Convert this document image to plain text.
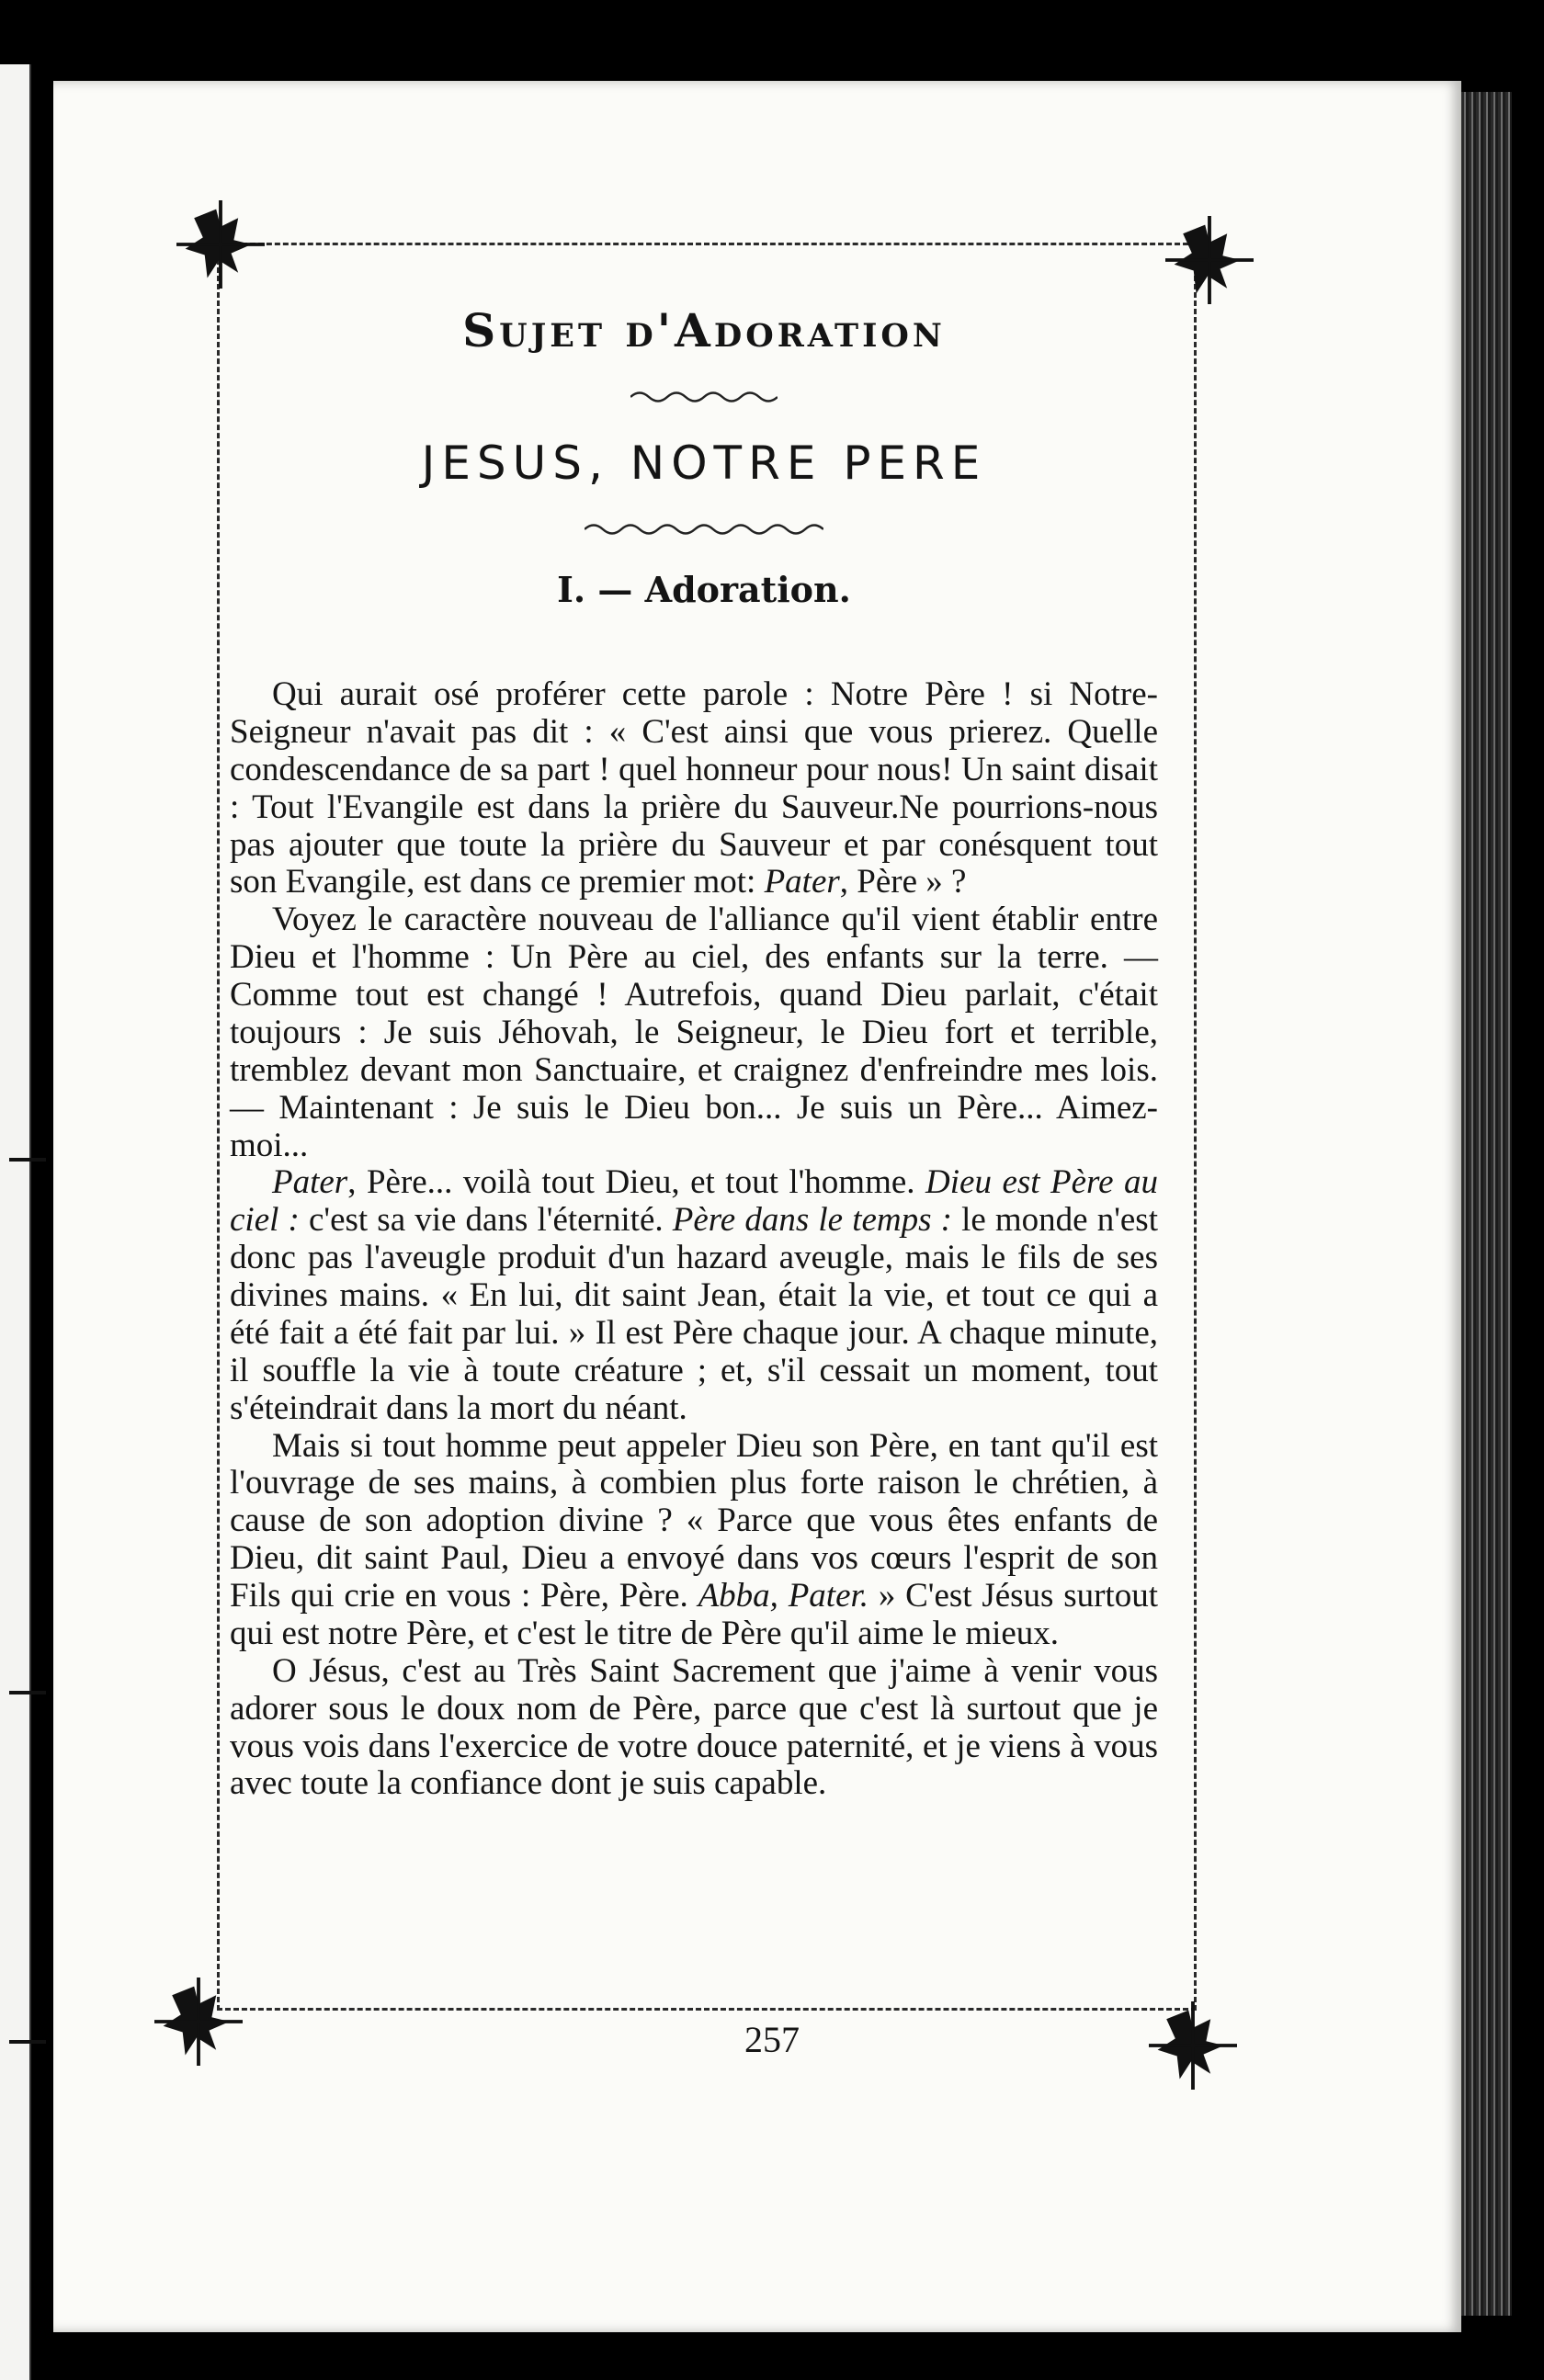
Sujet d'Adoration
JESUS, NOTRE PERE
I. — Adoration.

Qui aurait osé proférer cette parole : Notre Père ! si Notre-Seigneur n'avait pas dit : « C'est ainsi que vous prierez. Quelle condescendance de sa part ! quel honneur pour nous! Un saint disait : Tout l'Evangile est dans la prière du Sauveur.Ne pourrions-nous pas ajouter que toute la prière du Sauveur et par conésquent tout son Evangile, est dans ce premier mot: Pater, Père » ?

Voyez le caractère nouveau de l'alliance qu'il vient établir entre Dieu et l'homme : Un Père au ciel, des enfants sur la terre. — Comme tout est changé ! Autrefois, quand Dieu parlait, c'était toujours : Je suis Jéhovah, le Seigneur, le Dieu fort et terrible, tremblez devant mon Sanctuaire, et craignez d'enfreindre mes lois. — Maintenant : Je suis le Dieu bon... Je suis un Père... Aimez-moi...

Pater, Père... voilà tout Dieu, et tout l'homme. Dieu est Père au ciel : c'est sa vie dans l'éternité. Père dans le temps : le monde n'est donc pas l'aveugle produit d'un hazard aveugle, mais le fils de ses divines mains. « En lui, dit saint Jean, était la vie, et tout ce qui a été fait a été fait par lui. » Il est Père chaque jour. A chaque minute, il souffle la vie à toute créature ; et, s'il cessait un moment, tout s'éteindrait dans la mort du néant.

Mais si tout homme peut appeler Dieu son Père, en tant qu'il est l'ouvrage de ses mains, à combien plus forte raison le chrétien, à cause de son adoption divine ? « Parce que vous êtes enfants de Dieu, dit saint Paul, Dieu a envoyé dans vos cœurs l'esprit de son Fils qui crie en vous : Père, Père. Abba, Pater. » C'est Jésus surtout qui est notre Père, et c'est le titre de Père qu'il aime le mieux.

O Jésus, c'est au Très Saint Sacrement que j'aime à venir vous adorer sous le doux nom de Père, parce que c'est là surtout que je vous vois dans l'exercice de votre douce paternité, et je viens à vous avec toute la confiance dont je suis capable.

257
